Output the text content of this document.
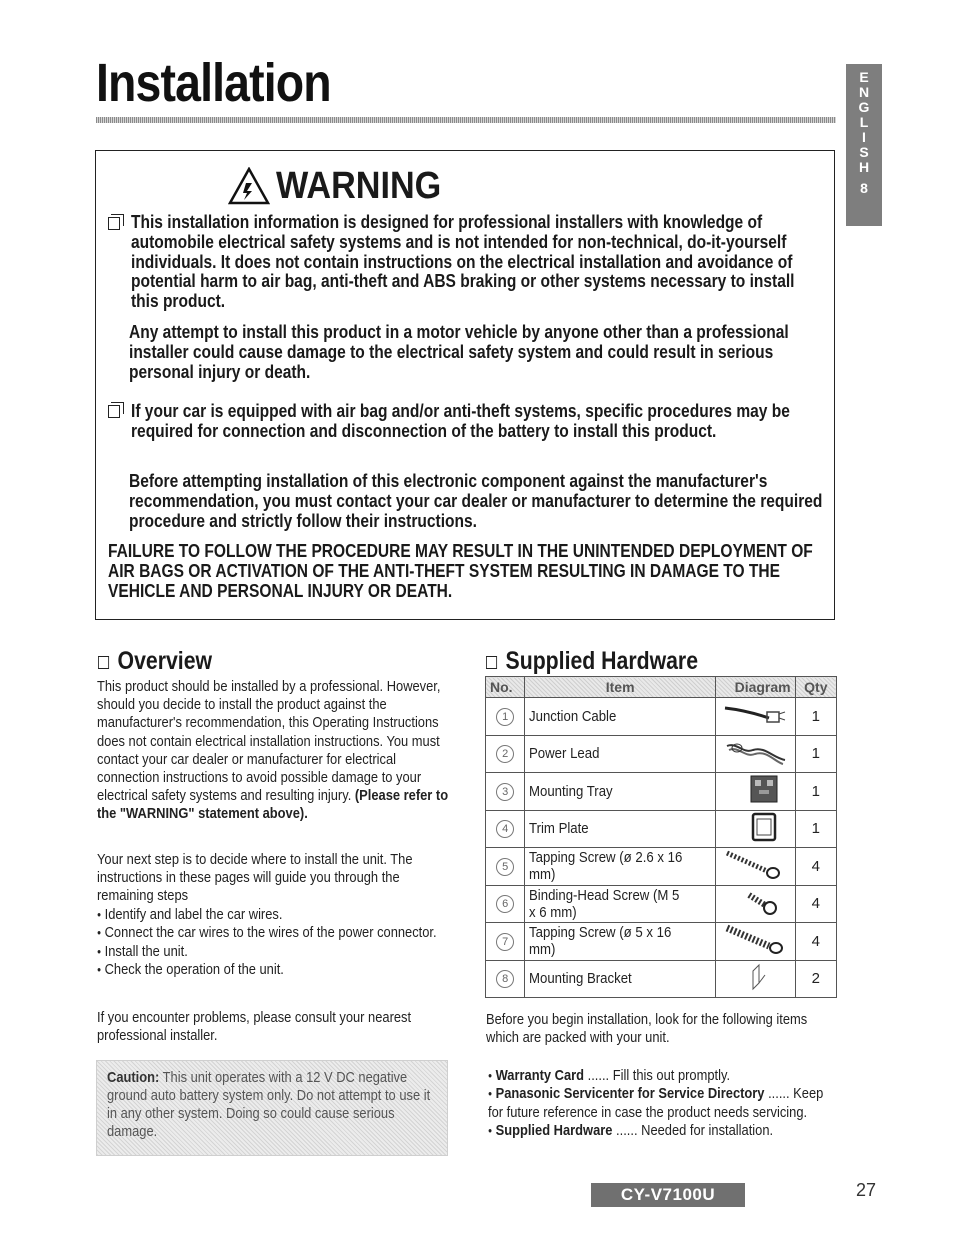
Installation	E
N
G
L
I
S
H
8
WARNING

This installation information is designed for professional installers with knowledge of automobile electrical safety systems and is not intended for non-technical, do-it-yourself individuals. It does not contain instructions on the electrical installation and avoidance of potential harm to air bag, anti-theft and ABS braking or other systems necessary to install this product.

Any attempt to install this product in a motor vehicle by anyone other than a professional installer could cause damage to the electrical safety system and could result in serious personal injury or death.

If your car is equipped with air bag and/or anti-theft systems, specific procedures may be required for connection and disconnection of the battery to install this product.

Before attempting installation of this electronic component against the manufacturer's recommendation, you must contact your car dealer or manufacturer to determine the required procedure and strictly follow their instructions.

FAILURE TO FOLLOW THE PROCEDURE MAY RESULT IN THE UNINTENDED DEPLOYMENT OF AIR BAGS OR ACTIVATION OF THE ANTI-THEFT SYSTEM RESULTING IN DAMAGE TO THE VEHICLE AND PERSONAL INJURY OR DEATH.

Overview
This product should be installed by a professional. However, should you decide to install the product against the manufacturer's recommendation, this Operating Instructions does not contain electrical installation instructions. You must contact your car dealer or manufacturer for electrical connection instructions to avoid possible damage to your electrical safety systems and resulting injury. (Please refer to the "WARNING" statement above).
Your next step is to decide where to install the unit. The instructions in these pages will guide you through the remaining steps
● Identify and label the car wires.
● Connect the car wires to the wires of the power connector.
● Install the unit.
● Check the operation of the unit.
If you encounter problems, please consult your nearest professional installer.
Caution: This unit operates with a 12 V DC negative ground auto battery system only. Do not attempt to use it in any other system. Doing so could cause serious damage.
Supplied Hardware
No.	Item	Diagram	Qty
1	Junction Cable		1
2	Power Lead		1
3	Mounting Tray		1
4	Trim Plate		1
5	Tapping Screw (ø 2.6 x 16 mm)		4
6	Binding-Head Screw (M 5 x 6 mm)		4
7	Tapping Screw (ø 5 x 16 mm)		4
8	Mounting Bracket		2
Before you begin installation, look for the following items which are packed with your unit.
● Warranty Card ...... Fill this out promptly.
● Panasonic Servicenter for Service Directory ...... Keep for future reference in case the product needs servicing.
● Supplied Hardware ...... Needed for installation.
CY-V7100U	27
